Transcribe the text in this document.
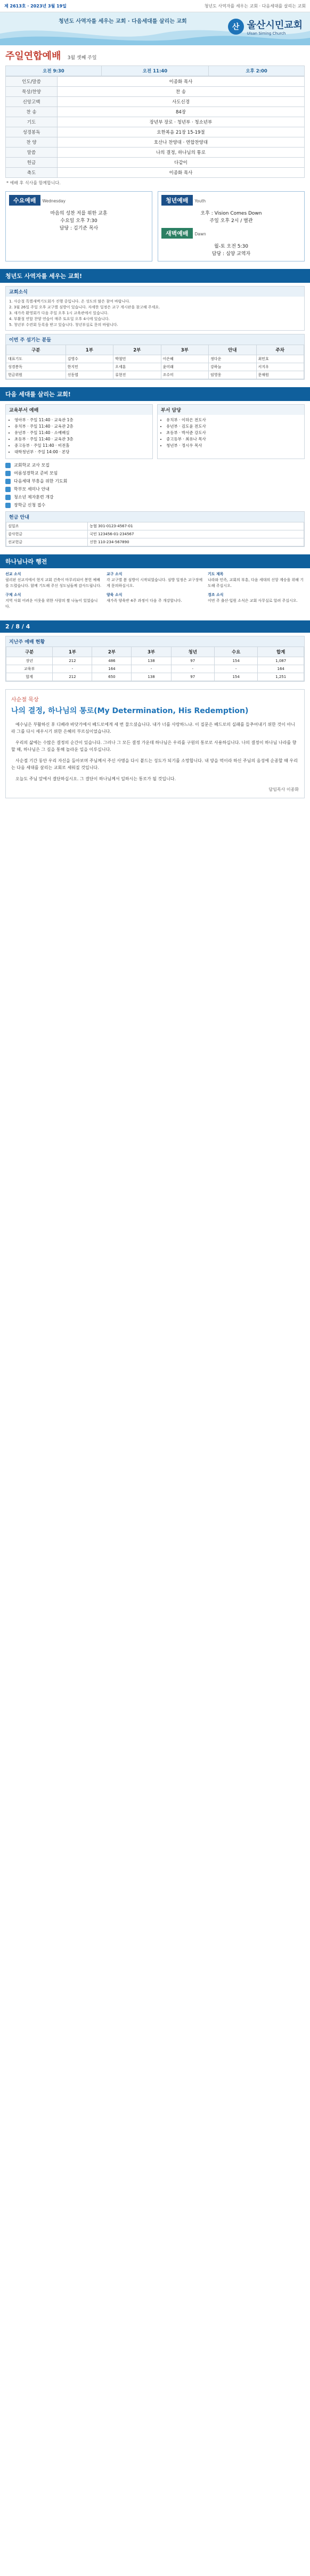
제 2613호 · 2023년 3월 19일	청년도 사역자를 세우는 교회 · 다음세대를 살리는 교회
청년도 사역자를 세우는 교회 · 다음세대를 살리는 교회
산 울산시민교회
Ulsan Siming Church
주일연합예배 3월 셋째 주일
오전 9:30	오전 11:40	오후 2:00
인도/말씀	이종화 목사
묵상/찬양	찬 송
신앙고백	사도신경
찬 송	84장
기도	장년부 장로 · 청년부 · 청소년부
성경봉독	요한복음 21장 15-19절
찬 양	호산나 찬양대 · 연합찬양대
말씀	나의 결정, 하나님의 통로
헌금	다같이
축도	이종화 목사
* 예배 후 식사를 함께합니다.
수요예배 Wednesday
마음의 성찬 저를 위한 교훈
수요일 오후 7:30
담당 : 김기준 목사
청년예배 Youth
오후 : Vision Comes Down
주일 오후 2시 / 별관
새벽예배 Dawn
월-토 오전 5:30
담당 : 심양 교역자
청년도 사역자를 세우는 교회!
교회소식
1. 사순절 특별새벽기도회가 진행 중입니다. 온 성도의 많은 참여 바랍니다.
2. 3월 26일 주일 오후 교구별 심방이 있습니다. 자세한 일정은 교구 게시판을 참고해 주세요.
3. 새가족 환영회가 다음 주일 오후 1시 교육관에서 있습니다.
4. 부활절 연합 찬양 연습이 매주 토요일 오후 4시에 있습니다.
5. 청년부 수련회 등록을 받고 있습니다. 청년부실로 문의 바랍니다.
이번 주 섬기는 분들
구분	1부	2부	3부	안내	주차
대표기도	김영수	박철민	이은혜	정다운	최민호
성경봉독	한지민	오세훈	윤미래	강하늘	서지우
헌금위원	신동엽	류현진	조수미	임영웅	문채원
다음 세대를 살리는 교회!
교육부서 예배
• 영아부 · 주일 11:40 · 교육관 1층
• 유치부 · 주일 11:40 · 교육관 2층
• 유년부 · 주일 11:40 · 소예배실
• 초등부 · 주일 11:40 · 교육관 3층
• 중고등부 · 주일 11:40 · 비전홀
• 대학청년부 · 주일 14:00 · 본당
부서 담당
• 유치부 · 이하은 전도사
• 유년부 · 김도윤 전도사
• 초등부 · 박서준 강도사
• 중고등부 · 최유나 목사
• 청년부 · 정시우 목사
교회학교 교사 모집
여름성경학교 준비 모임
다음세대 부흥을 위한 기도회
학부모 세미나 안내
청소년 제자훈련 개강
장학금 신청 접수
헌금 안내
십일조	농협 301-0123-4567-01
감사헌금	국민 123456-01-234567
선교헌금	신한 110-234-567890
하나님나라 행전
선교 소식
필리핀 선교지에서 현지 교회 건축이 마무리되어 봉헌 예배를 드렸습니다. 함께 기도해 주신 성도님들께 감사드립니다.
구제 소식
지역 사회 어려운 이웃을 위한 사랑의 쌀 나눔이 있었습니다.
교구 소식
각 교구별 봄 심방이 시작되었습니다. 심방 일정은 교구장에게 문의하십시오.
양육 소식
새가족 양육반 4주 과정이 다음 주 개강합니다.
기도 제목
나라와 민족, 교회의 부흥, 다음 세대의 신앙 계승을 위해 기도해 주십시오.
경조 소식
이번 주 출산·입원 소식은 교회 사무실로 알려 주십시오.
2 / 8 / 4
지난주 예배 현황
구분	1부	2부	3부	청년	수요	합계
장년	212	486	138	97	154	1,087
교육부	-	164	-	-	-	164
합계	212	650	138	97	154	1,251
사순절 묵상
나의 결정, 하나님의 통로(My Determination, His Redemption)

예수님은 부활하신 후 디베랴 바닷가에서 베드로에게 세 번 물으셨습니다. 내가 너를 사랑하느냐. 이 질문은 베드로의 실패를 들추어내기 위한 것이 아니라 그를 다시 세우시기 위한 은혜의 부르심이었습니다.

우리의 삶에는 수많은 결정의 순간이 있습니다. 그러나 그 모든 결정 가운데 하나님은 우리를 구원의 통로로 사용하십니다. 나의 결정이 하나님 나라를 향할 때, 하나님은 그 길을 통해 놀라운 일을 이루십니다.

사순절 기간 동안 우리 자신을 돌아보며 주님께서 주신 사명을 다시 붙드는 성도가 되기를 소망합니다. 내 양을 먹이라 하신 주님의 음성에 순종할 때 우리는 다음 세대를 살리는 교회로 세워질 것입니다.

오늘도 주님 앞에서 결단하십시오. 그 결단이 하나님께서 일하시는 통로가 될 것입니다.

담임목사 이종화
